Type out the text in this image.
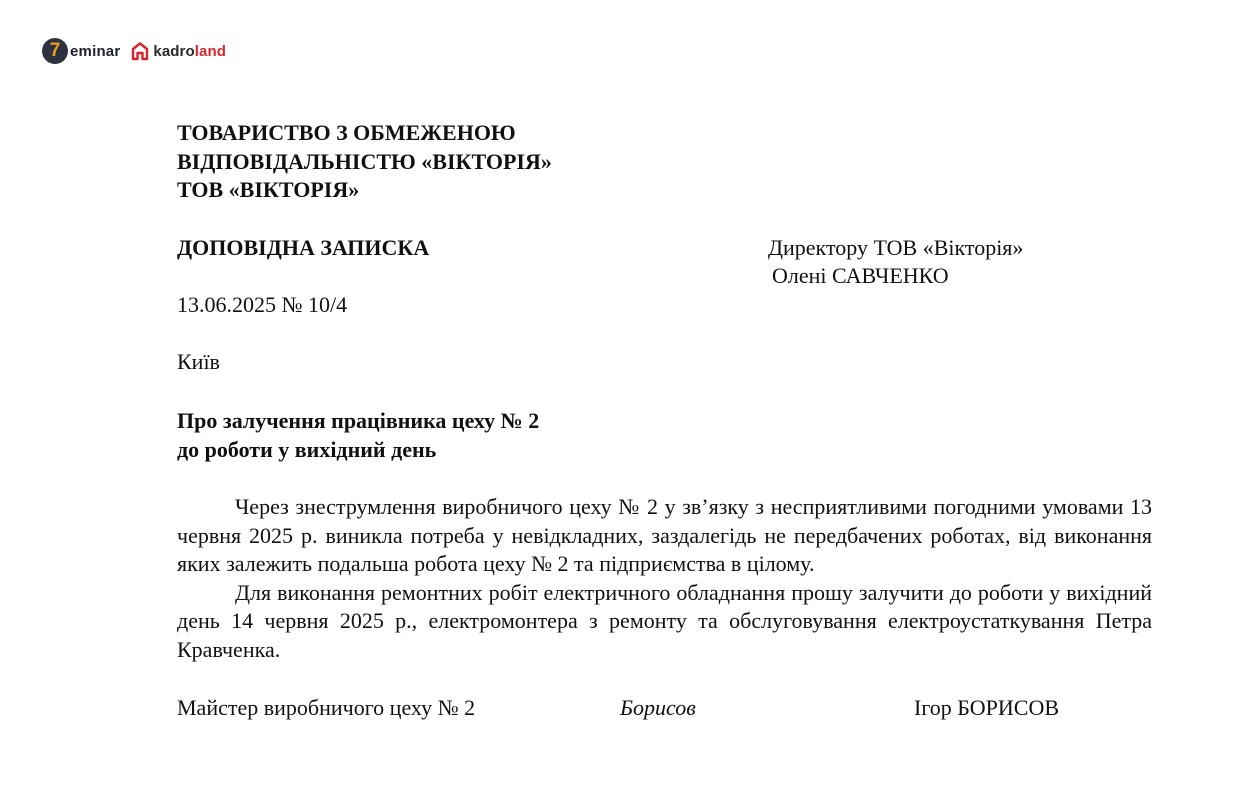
7 eminar kadroland
ТОВАРИСТВО З ОБМЕЖЕНОЮ
ВІДПОВІДАЛЬНІСТЮ «ВІКТОРІЯ»
ТОВ «ВІКТОРІЯ»
ДОПОВІДНА ЗАПИСКА	Директору ТОВ «Вікторія»
Олені САВЧЕНКО
13.06.2025 № 10/4
Київ
Про залучення працівника цеху № 2
до роботи у вихідний день

Через знеструмлення виробничого цеху № 2 у зв’язку з несприятливими погодними умовами 13 червня 2025 р. виникла потреба у невідкладних, заздалегідь не передбачених роботах, від виконання яких залежить подальша робота цеху № 2 та підприємства в цілому.

Для виконання ремонтних робіт електричного обладнання прошу залучити до роботи у вихідний день 14 червня 2025 р., електромонтера з ремонту та обслуговування електроустаткування Петра Кравченка.

Майстер виробничого цеху № 2	Борисов	Ігор БОРИСОВ
